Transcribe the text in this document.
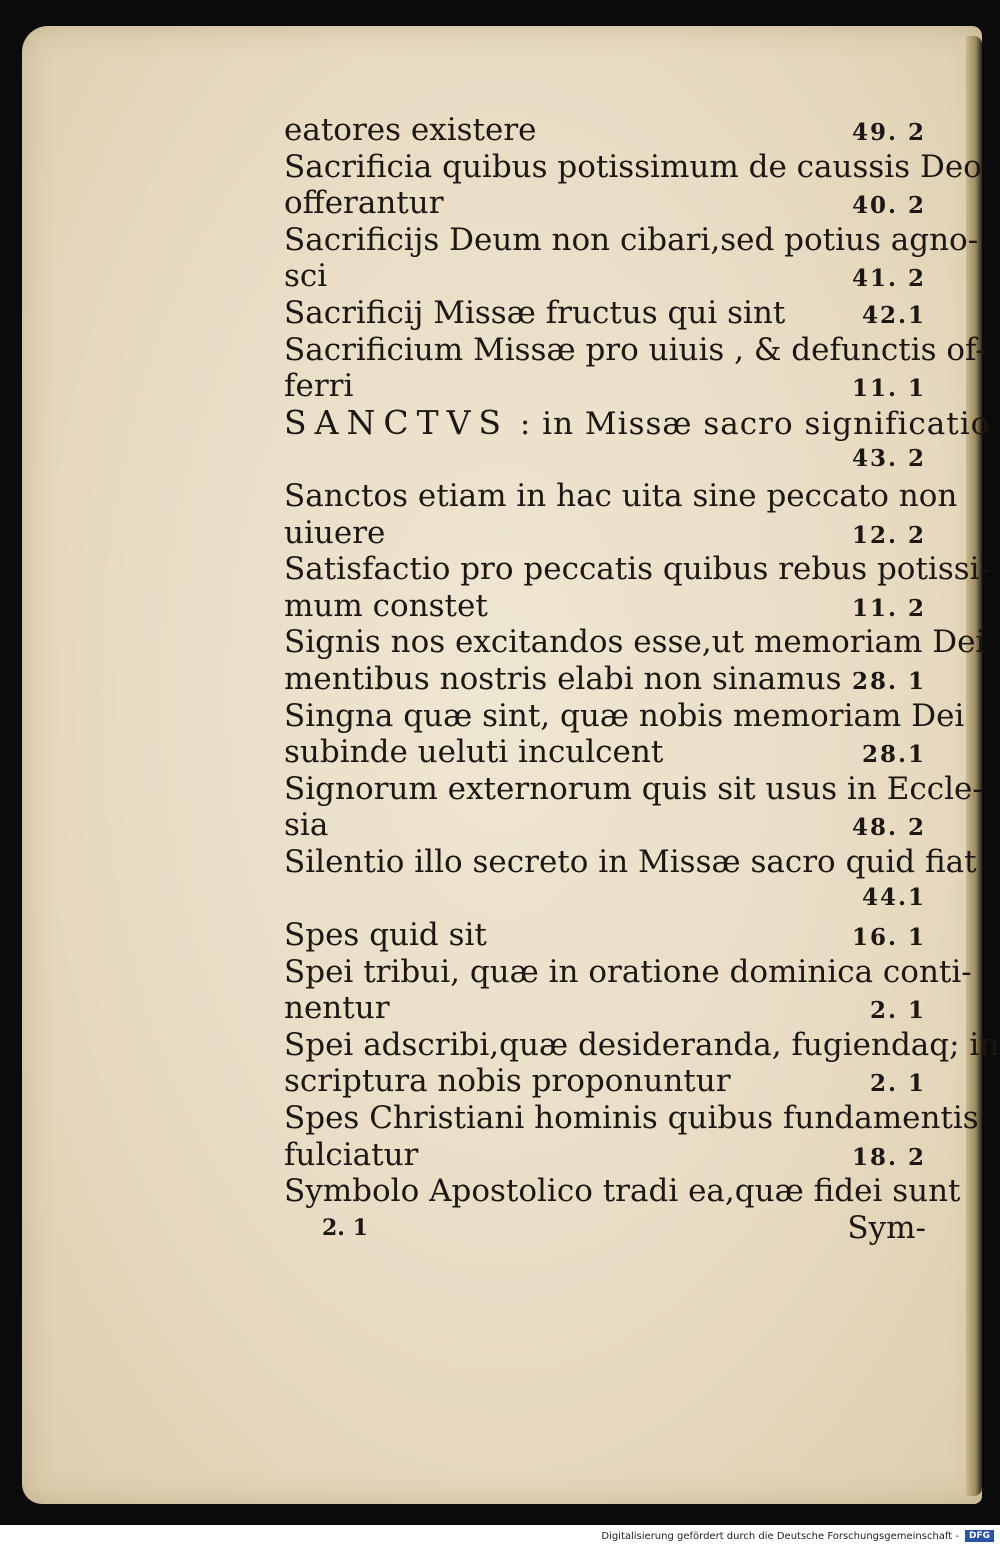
eatores existere	49. 2
Sacrificia quibus potissimum de caussis Deo
offerantur	40. 2
Sacrificijs Deum non cibari,sed potius agno-
sci	41. 2
Sacrificij Missæ fructus qui sint	42.1
Sacrificium Missæ pro uiuis , & defunctis of-
ferri	11. 1
SANCTVS : in Missæ sacro significatio
43. 2
Sanctos etiam in hac uita sine peccato non
uiuere	12. 2
Satisfactio pro peccatis quibus rebus potissi-
mum constet	11. 2
Signis nos excitandos esse,ut memoriam Dei
mentibus nostris elabi non sinamus 28. 1
Singna quæ sint, quæ nobis memoriam Dei
subinde ueluti inculcent	28.1
Signorum externorum quis sit usus in Eccle-
sia	48. 2
Silentio illo secreto in Missæ sacro quid fiat
44.1
Spes quid sit	16. 1
Spei tribui, quæ in oratione dominica conti-
nentur	2. 1
Spei adscribi,quæ desideranda, fugiendaq; in
scriptura nobis proponuntur	2. 1
Spes Christiani hominis quibus fundamentis
fulciatur	18. 2
Symbolo Apostolico tradi ea,quæ fidei sunt
2. 1	Sym-
Digitalisierung gefördert durch die Deutsche Forschungsgemeinschaft -	DFG
